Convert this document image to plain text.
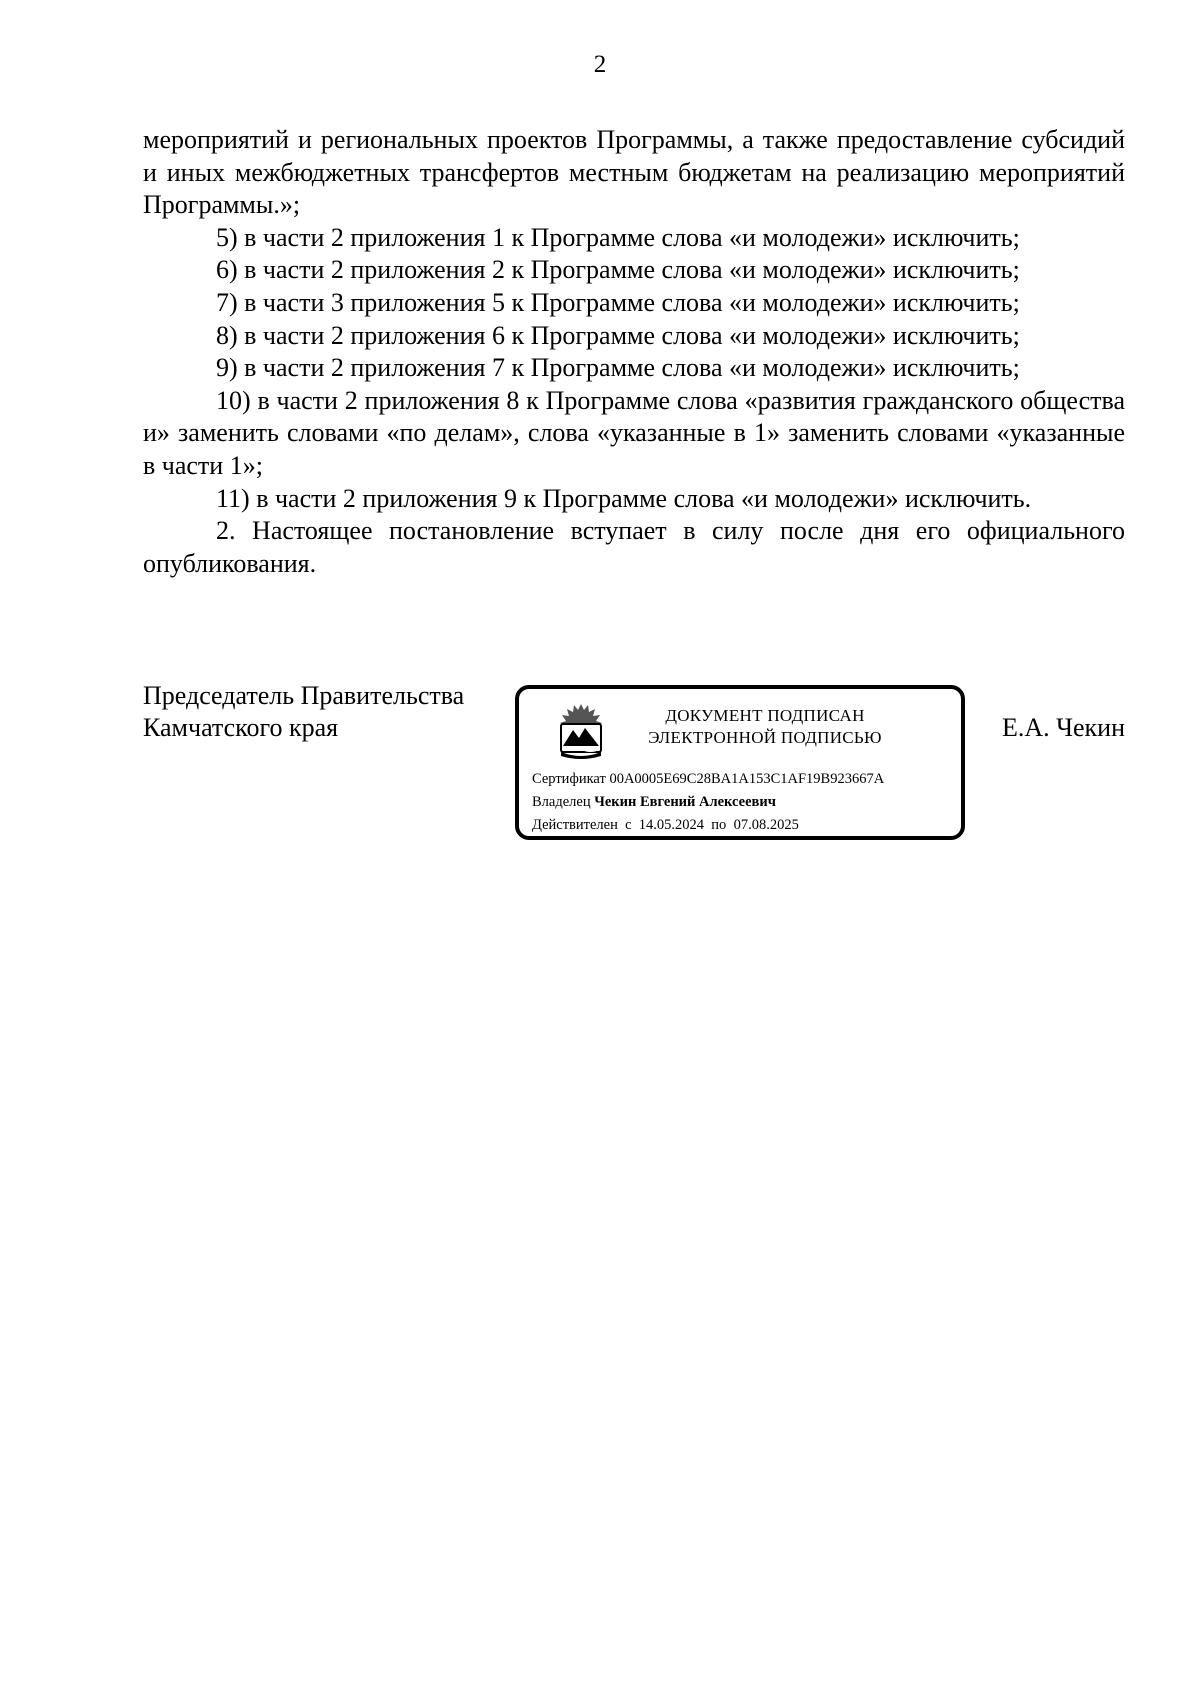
2

мероприятий и региональных проектов Программы, а также предоставление субсидий и иных межбюджетных трансфертов местным бюджетам на реализацию мероприятий Программы.»;

5) в части 2 приложения 1 к Программе слова «и молодежи» исключить;

6) в части 2 приложения 2 к Программе слова «и молодежи» исключить;

7) в части 3 приложения 5 к Программе слова «и молодежи» исключить;

8) в части 2 приложения 6 к Программе слова «и молодежи» исключить;

9) в части 2 приложения 7 к Программе слова «и молодежи» исключить;

10) в части 2 приложения 8 к Программе слова «развития гражданского общества и» заменить словами «по делам», слова «указанные в 1» заменить словами «указанные в части 1»;

11) в части 2 приложения 9 к Программе слова «и молодежи» исключить.

2. Настоящее постановление вступает в силу после дня его официального опубликования.

Председатель Правительства
Камчатского края	ДОКУМЕНТ ПОДПИСАН
ЭЛЕКТРОННОЙ ПОДПИСЬЮ
Сертификат 00A0005E69C28BA1A153C1AF19B923667A
Владелец Чекин Евгений Алексеевич
Действителен с 14.05.2024 по 07.08.2025
Е.А. Чекин
